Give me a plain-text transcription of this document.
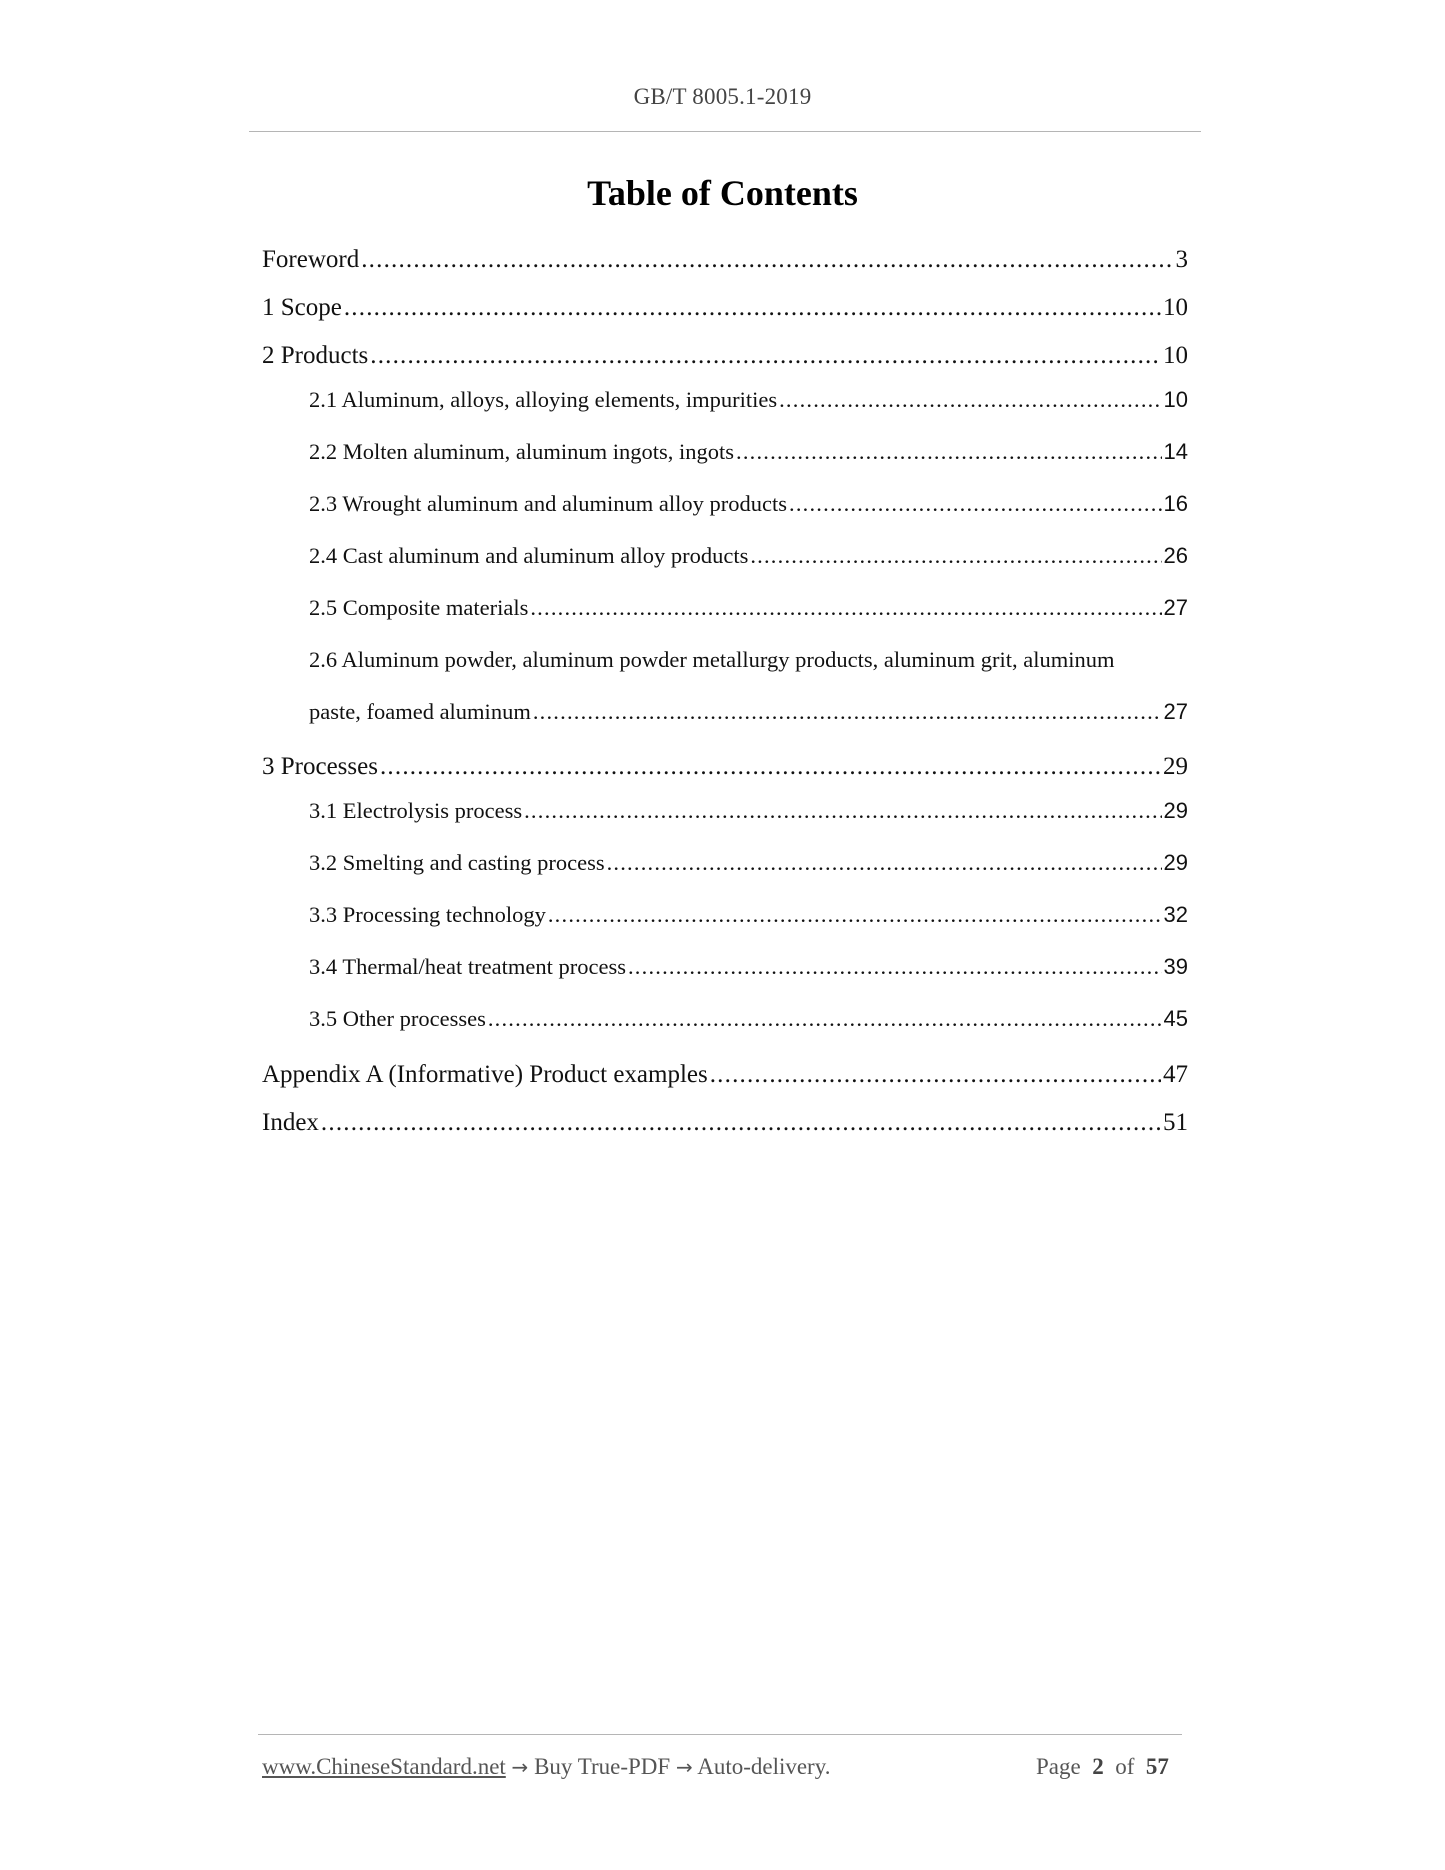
GB/T 8005.1-2019
Table of Contents
Foreword .....	3
1 Scope .....	10
2 Products .....	10
2.1 Aluminum, alloys, alloying elements, impurities .....	10
2.2 Molten aluminum, aluminum ingots, ingots .....	14
2.3 Wrought aluminum and aluminum alloy products .....	16
2.4 Cast aluminum and aluminum alloy products .....	26
2.5 Composite materials .....	27
2.6 Aluminum powder, aluminum powder metallurgy products, aluminum grit, aluminum
paste, foamed aluminum .....	27
3 Processes .....	29
3.1 Electrolysis process .....	29
3.2 Smelting and casting process .....	29
3.3 Processing technology .....	32
3.4 Thermal/heat treatment process .....	39
3.5 Other processes .....	45
Appendix A (Informative) Product examples .....	47
Index .....	51
www.ChineseStandard.net → Buy True-PDF → Auto-delivery.	Page 2 of 57
